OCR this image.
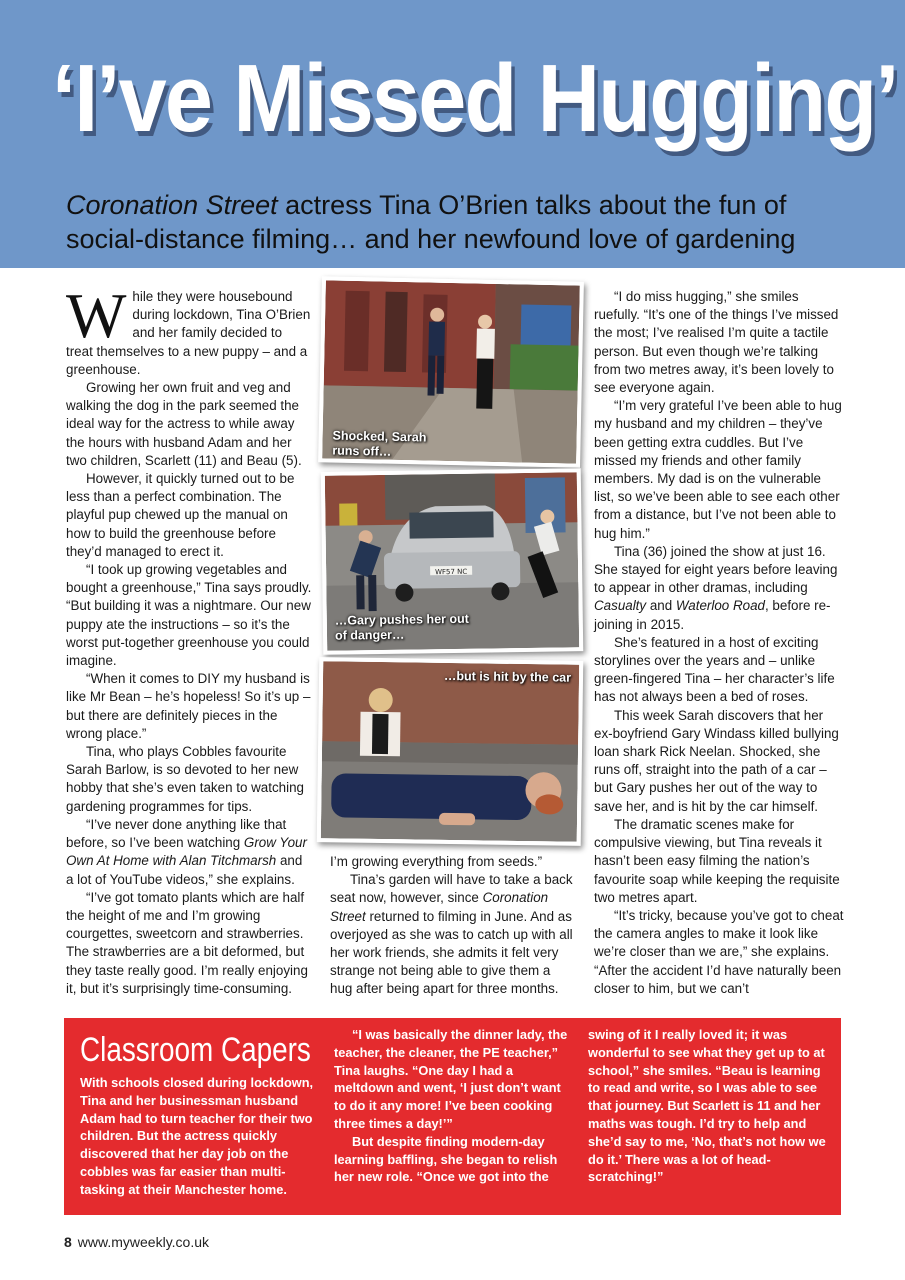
‘I’ve Missed Hugging’
Coronation Street actress Tina O’Brien talks about the fun of social-distance filming… and her newfound love of gardening

While they were housebound during lockdown, Tina O’Brien and her family decided to treat themselves to a new puppy – and a greenhouse.

Growing her own fruit and veg and walking the dog in the park seemed the ideal way for the actress to while away the hours with husband Adam and her two children, Scarlett (11) and Beau (5).

However, it quickly turned out to be less than a perfect combination. The playful pup chewed up the manual on how to build the greenhouse before they’d managed to erect it.

“I took up growing vegetables and bought a greenhouse,” Tina says proudly. “But building it was a nightmare. Our new puppy ate the instructions – so it’s the worst put-together greenhouse you could imagine.

“When it comes to DIY my husband is like Mr Bean – he’s hopeless! So it’s up – but there are definitely pieces in the wrong place.”

Tina, who plays Cobbles favourite Sarah Barlow, is so devoted to her new hobby that she’s even taken to watching gardening programmes for tips.

“I’ve never done anything like that before, so I’ve been watching Grow Your Own At Home with Alan Titchmarsh and a lot of YouTube videos,” she explains.

“I’ve got tomato plants which are half the height of me and I’m growing courgettes, sweetcorn and strawberries. The strawberries are a bit deformed, but they taste really good. I’m really enjoying it, but it’s surprisingly time-consuming.

Shocked, Sarah runs off…
WF57 NC
…Gary pushes her out of danger…
…but is hit by the car

I’m growing everything from seeds.”

Tina’s garden will have to take a back seat now, however, since Coronation Street returned to filming in June. And as overjoyed as she was to catch up with all her work friends, she admits it felt very strange not being able to give them a hug after being apart for three months.

“I do miss hugging,” she smiles ruefully. “It’s one of the things I’ve missed the most; I’ve realised I’m quite a tactile person. But even though we’re talking from two metres away, it’s been lovely to see everyone again.

“I’m very grateful I’ve been able to hug my husband and my children – they’ve been getting extra cuddles. But I’ve missed my friends and other family members. My dad is on the vulnerable list, so we’ve been able to see each other from a distance, but I’ve not been able to hug him.”

Tina (36) joined the show at just 16. She stayed for eight years before leaving to appear in other dramas, including Casualty and Waterloo Road, before re-joining in 2015.

She’s featured in a host of exciting storylines over the years and – unlike green-fingered Tina – her character’s life has not always been a bed of roses.

This week Sarah discovers that her ex-boyfriend Gary Windass killed bullying loan shark Rick Neelan. Shocked, she runs off, straight into the path of a car – but Gary pushes her out of the way to save her, and is hit by the car himself.

The dramatic scenes make for compulsive viewing, but Tina reveals it hasn’t been easy filming the nation’s favourite soap while keeping the requisite two metres apart.

“It’s tricky, because you’ve got to cheat the camera angles to make it look like we’re closer than we are,” she explains. “After the accident I’d have naturally been closer to him, but we can’t

Classroom Capers

With schools closed during lockdown, Tina and her businessman husband Adam had to turn teacher for their two children. But the actress quickly discovered that her day job on the cobbles was far easier than multi-tasking at their Manchester home.

“I was basically the dinner lady, the teacher, the cleaner, the PE teacher,” Tina laughs. “One day I had a meltdown and went, ‘I just don’t want to do it any more! I’ve been cooking three times a day!’”

But despite finding modern-day learning baffling, she began to relish her new role. “Once we got into the

swing of it I really loved it; it was wonderful to see what they get up to at school,” she smiles. “Beau is learning to read and write, so I was able to see that journey. But Scarlett is 11 and her maths was tough. I’d try to help and she’d say to me, ‘No, that’s not how we do it.’ There was a lot of head-scratching!”

8 www.myweekly.co.uk
